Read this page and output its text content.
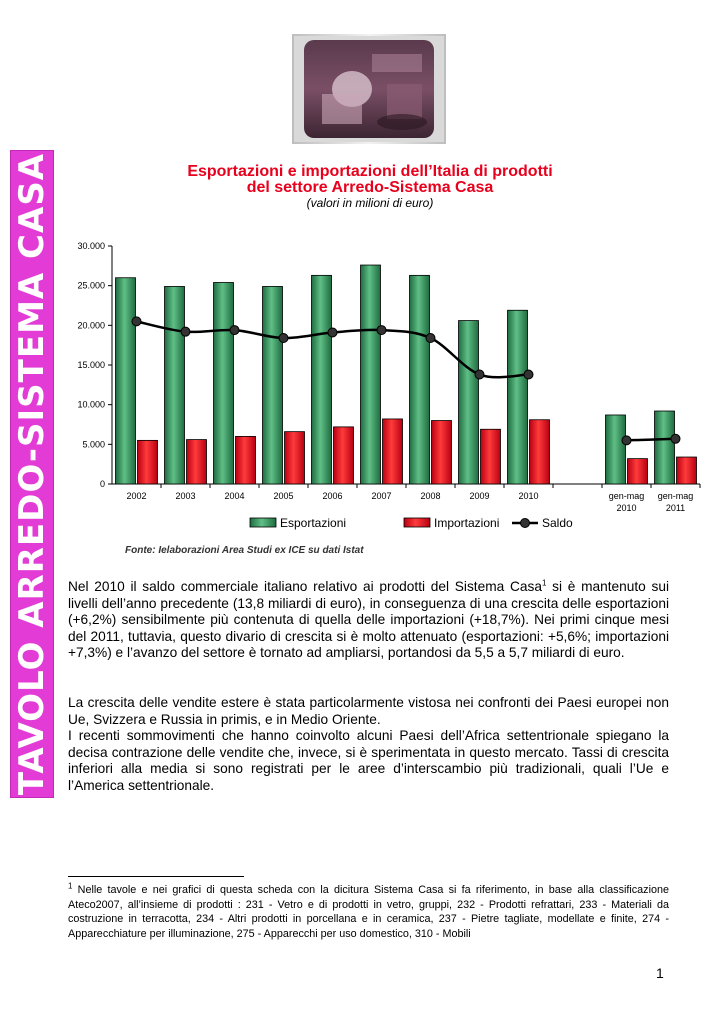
TAVOLO ARREDO-SISTEMA CASA	Esportazioni e importazioni dell’Italia di prodotti
del settore Arredo-Sistema Casa
(valori in milioni di euro)
0
5.000
10.000
15.000
20.000
25.000
30.000
2002	2003	2004	2005	2006	2007	2008	2009	2010	gen-mag
2010
gen-mag
2011
Esportazioni	Importazioni	Saldo
Fonte: Ielaborazioni Area Studi ex ICE su dati Istat

Nel 2010 il saldo commerciale italiano relativo ai prodotti del Sistema Casa$^1$ si è mantenuto sui livelli dell’anno precedente (13,8 miliardi di euro), in conseguenza di una crescita delle esportazioni (+6,2%) sensibilmente più contenuta di quella delle importazioni (+18,7%). Nei primi cinque mesi del 2011, tuttavia, questo divario di crescita si è molto attenuato (esportazioni: +5,6%; importazioni +7,3%) e l’avanzo del settore è tornato ad ampliarsi, portandosi da 5,5 a 5,7 miliardi di euro.

La crescita delle vendite estere è stata particolarmente vistosa nei confronti dei Paesi europei non Ue, Svizzera e Russia in primis, e in Medio Oriente.

I recenti sommovimenti che hanno coinvolto alcuni Paesi dell’Africa settentrionale spiegano la decisa contrazione delle vendite che, invece, si è sperimentata in questo mercato. Tassi di crescita inferiori alla media si sono registrati per le aree d’interscambio più tradizionali, quali l’Ue e l’America settentrionale.

$^1$ Nelle tavole e nei grafici di questa scheda con la dicitura Sistema Casa si fa riferimento, in base alla classificazione Ateco2007, all’insieme di prodotti : 231 - Vetro e di prodotti in vetro, gruppi, 232 - Prodotti refrattari, 233 - Materiali da costruzione in terracotta, 234 - Altri prodotti in porcellana e in ceramica, 237 - Pietre tagliate, modellate e finite, 274 - Apparecchiature per illuminazione, 275 - Apparecchi per uso domestico, 310 - Mobili

1
